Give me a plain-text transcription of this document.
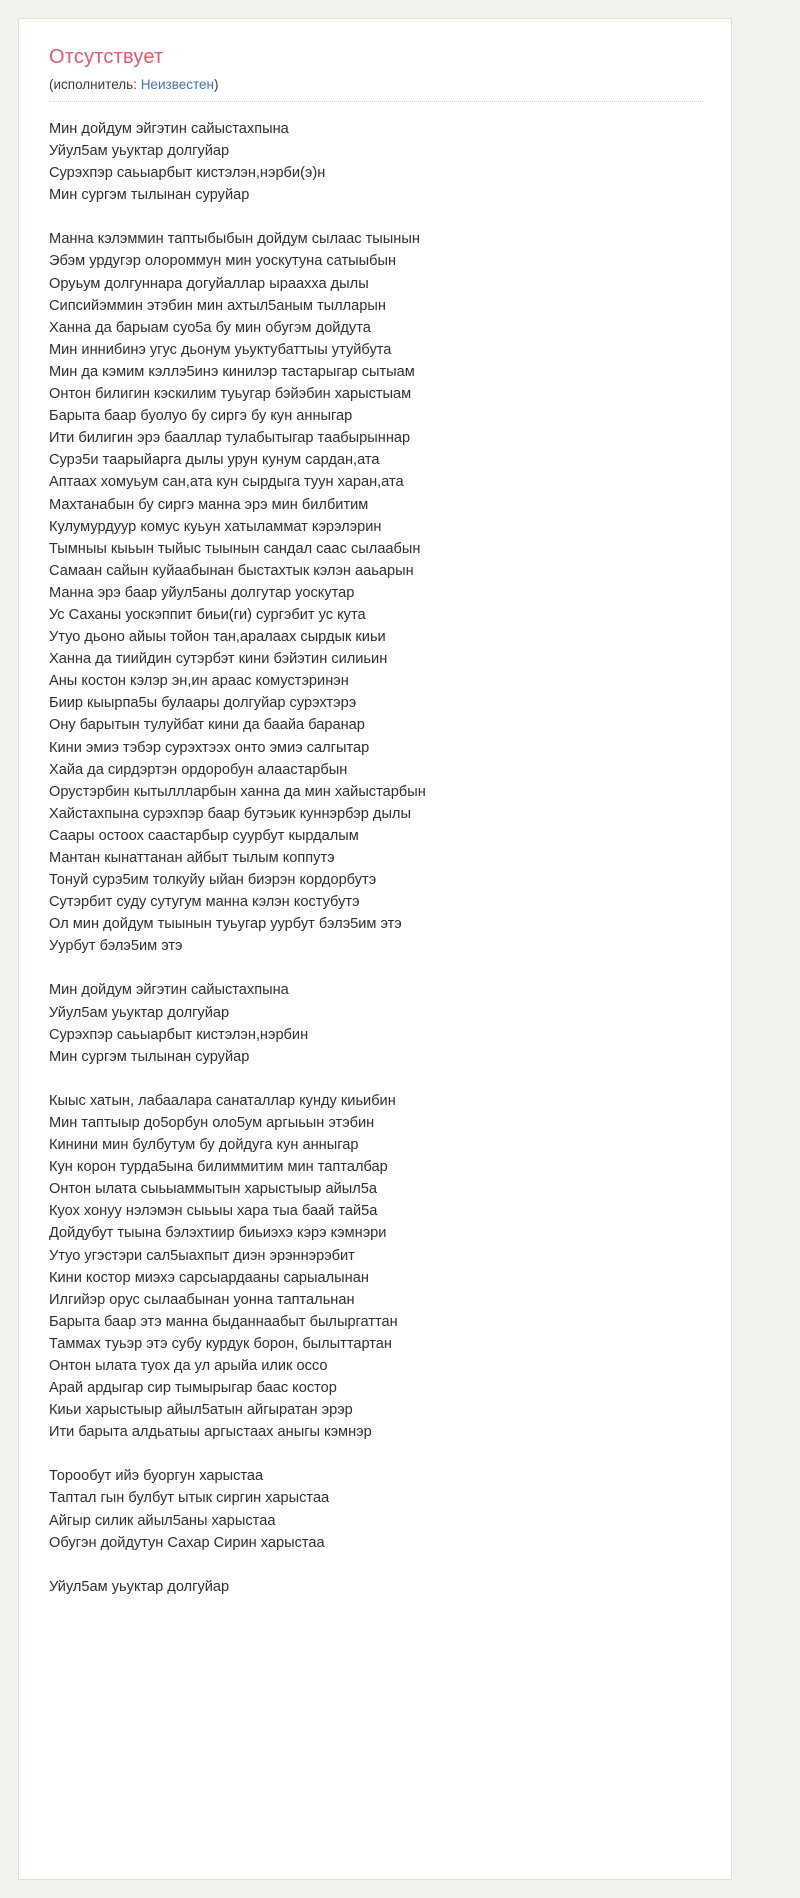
Отсутствует
(исполнитель: Неизвестен)
Мин дойдум эйгэтин сайыстахпына
Уйул5ам уьуктар долгуйар
Сурэхпэр саьыарбыт кистэлэн,нэрби(э)н
Мин сургэм тылынан суруйар
Манна кэлэммин таптыбыбын дойдум сылаас тыынын
Эбэм урдугэр олороммун мин уоскутуна сатыыбын
Оруьум долгуннара догуйаллар ыраахха дылы
Сипсийэммин этэбин мин ахтыл5аным тылларын
Ханна да барыам суо5а бу мин обугэм дойдута
Мин иннибинэ угус дьонум уьуктубаттыы утуйбута
Мин да кэмим кэллэ5инэ кинилэр тастарыгар сытыам
Онтон билигин кэскилим туьугар бэйэбин харыстыам
Барыта баар буолуо бу сиргэ бу кун анныгар
Ити билигин эрэ бааллар тулабытыгар таабырыннар
Сурэ5и таарыйарга дылы урун кунум сардан,ата
Аптаах хомуьум сан,ата кун сырдыга туун харан,ата
Махтанабын бу сиргэ манна эрэ мин билбитим
Кулумурдуур комус куьун хатыламмат кэрэлэрин
Тымныы кыьын тыйыс тыынын сандал саас сылаабын
Самаан сайын куйаабынан быстахтык кэлэн ааьарын
Манна эрэ баар уйул5аны долгутар уоскутар
Ус Саханы уоскэппит биьи(ги) сургэбит ус кута
Утуо дьоно айыы тойон тан,аралаах сырдык киьи
Ханна да тиийдин сутэрбэт кини бэйэтин силиьин
Аны костон кэлэр эн,ин араас комустэринэн
Биир кыырпа5ы булаары долгуйар сурэхтэрэ
Ону барытын тулуйбат кини да баайа баранар
Кини эмиэ тэбэр сурэхтээх онто эмиэ салгытар
Хайа да сирдэртэн ордоробун алаастарбын
Орустэрбин кытыллларбын ханна да мин хайыстарбын
Хайстахпына сурэхпэр баар бутэьик куннэрбэр дылы
Саары остоох саастарбыр суурбут кырдалым
Мантан кынаттанан айбыт тылым коппутэ
Тонуй сурэ5им толкуйу ыйан биэрэн кордорбутэ
Сутэрбит суду сутугум манна кэлэн костубутэ
Ол мин дойдум тыынын туьугар уурбут бэлэ5им этэ
Уурбут бэлэ5им этэ
Мин дойдум эйгэтин сайыстахпына
Уйул5ам уьуктар долгуйар
Сурэхпэр саьыарбыт кистэлэн,нэрбин
Мин сургэм тылынан суруйар
Кыыс хатын, лабаалара санаталлар кунду киьибин
Мин таптыыр до5орбун оло5ум аргыьын этэбин
Кинини мин булбутум бу дойдуга кун анныгар
Кун корон турда5ына билиммитим мин тапталбар
Онтон ылата сыьыаммытын харыстыыр айыл5а
Куох хонуу нэлэмэн сыьыы хара тыа баай тай5а
Дойдубут тыына бэлэхтиир биьиэхэ кэрэ кэмнэри
Утуо угэстэри сал5ыахпыт диэн эрэннэрэбит
Кини костор миэхэ сарсыардааны сарыалынан
Илгийэр орус сылаабынан уонна таптальнан
Барыта баар этэ манна быданнаабыт былыргаттан
Таммах туьэр этэ субу курдук борон, былыттартан
Онтон ылата туох да ул арыйа илик оссо
Арай ардыгар сир тымырыгар баас костор
Киьи харыстыыр айыл5атын айгыратан эрэр
Ити барыта алдьатыы аргыстаах аныгы кэмнэр
Торообут ийэ буоргун харыстаа
Таптал гын булбут ытык сиргин харыстаа
Айгыр силик айыл5аны харыстаа
Обугэн дойдутун Сахар Сирин харыстаа
Уйул5ам уьуктар долгуйар
